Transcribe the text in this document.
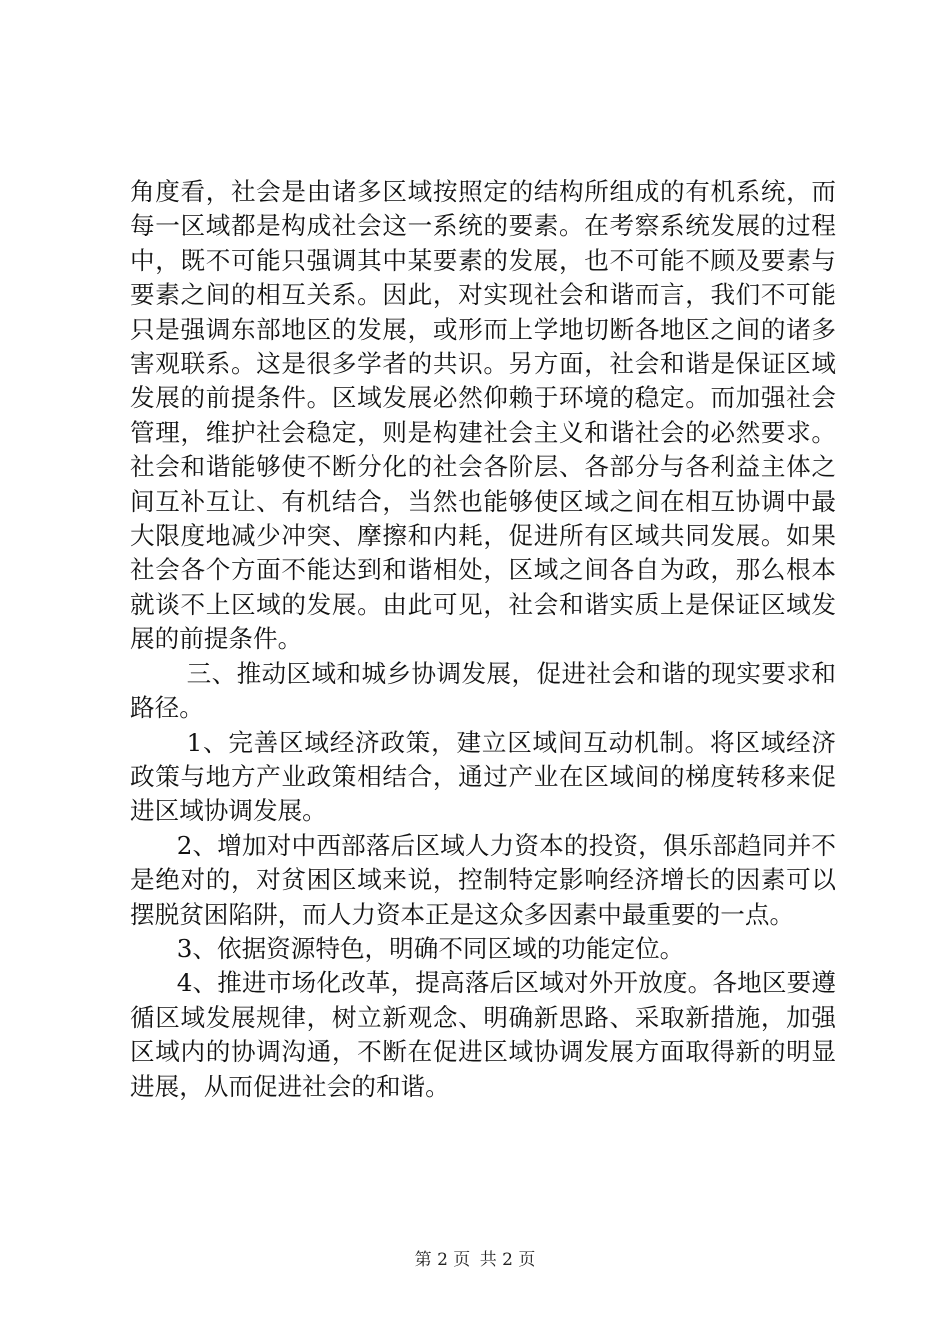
角度看，社会是由诸多区域按照定的结构所组成的有机系统，而每一区域都是构成社会这一系统的要素。在考察系统发展的过程中，既不可能只强调其中某要素的发展，也不可能不顾及要素与要素之间的相互关系。因此，对实现社会和谐而言，我们不可能只是强调东部地区的发展，或形而上学地切断各地区之间的诸多害观联系。这是很多学者的共识。另方面，社会和谐是保证区域发展的前提条件。区域发展必然仰赖于环境的稳定。而加强社会管理，维护社会稳定，则是构建社会主义和谐社会的必然要求。社会和谐能够使不断分化的社会各阶层、各部分与各利益主体之间互补互让、有机结合，当然也能够使区域之间在相互协调中最大限度地减少冲突、摩擦和内耗，促进所有区域共同发展。如果社会各个方面不能达到和谐相处，区域之间各自为政，那么根本就谈不上区域的发展。由此可见，社会和谐实质上是保证区域发展的前提条件。

三、推动区域和城乡协调发展，促进社会和谐的现实要求和路径。

1、完善区域经济政策，建立区域间互动机制。将区域经济政策与地方产业政策相结合，通过产业在区域间的梯度转移来促进区域协调发展。

2、增加对中西部落后区域人力资本的投资，俱乐部趋同并不是绝对的，对贫困区域来说，控制特定影响经济增长的因素可以摆脱贫困陷阱，而人力资本正是这众多因素中最重要的一点。

3、依据资源特色，明确不同区域的功能定位。

4、推进市场化改革，提高落后区域对外开放度。各地区要遵循区域发展规律，树立新观念、明确新思路、采取新措施，加强区域内的协调沟通，不断在促进区域协调发展方面取得新的明显进展，从而促进社会的和谐。

第 2 页 共 2 页
